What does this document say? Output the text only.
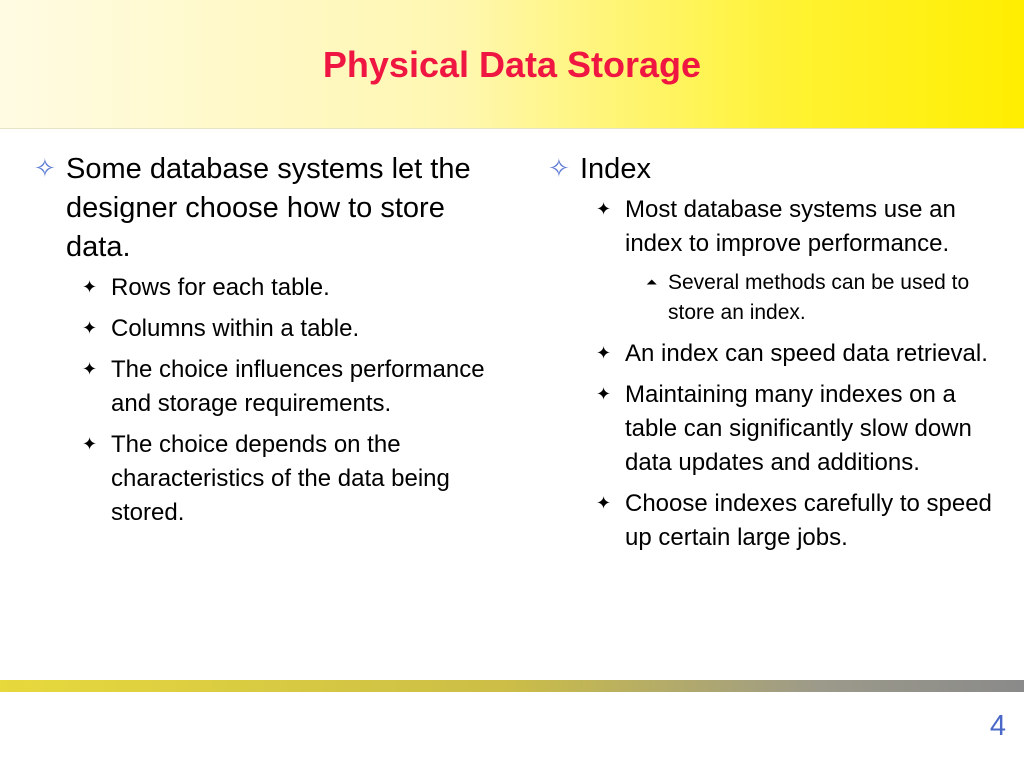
Physical Data Storage
✧ Some database systems let the designer choose how to store data.
✦ Rows for each table.
✦ Columns within a table.
✦ The choice influences performance and storage requirements.
✦ The choice depends on the characteristics of the data being stored.
✧ Index
✦ Most database systems use an index to improve performance.
⏶ Several methods can be used to store an index.
✦ An index can speed data retrieval.
✦ Maintaining many indexes on a table can significantly slow down data updates and additions.
✦ Choose indexes carefully to speed up certain large jobs.
4
